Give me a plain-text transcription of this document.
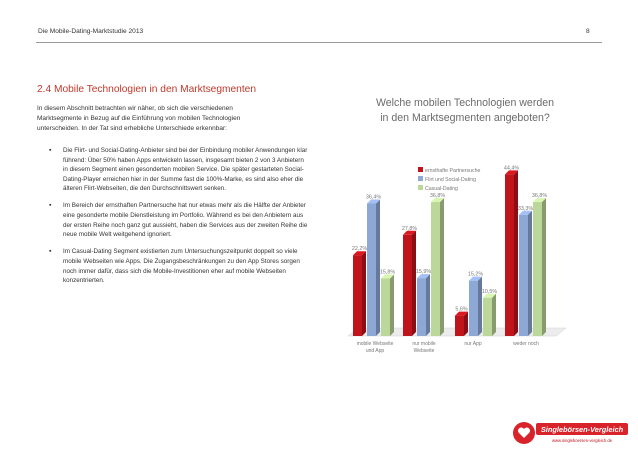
Die Mobile-Dating-Marktstudie 2013	8
2.4 Mobile Technologien in den Marktsegmenten
In diesem Abschnitt betrachten wir näher, ob sich die verschiedenen Marktsegmente in Bezug auf die Einführung von mobilen Technologien unterscheiden. In der Tat sind erhebliche Unterschiede erkennbar:
▪ Die Flirt- und Social-Dating-Anbieter sind bei der Einbindung mobiler Anwendungen klar führend: Über 50% haben Apps entwickeln lassen, insgesamt bieten 2 von 3 Anbietern in diesem Segment einen gesonderten mobilen Service. Die später gestarteten Social-Dating-Player erreichen hier in der Summe fast die 100%-Marke, es sind also eher die älteren Flirt-Webseiten, die den Durchschnittswert senken.
▪ Im Bereich der ernsthaften Partnersuche hat nur etwas mehr als die Hälfte der Anbieter eine gesonderte mobile Dienstleistung im Portfolio. Während es bei den Anbietern aus der ersten Reihe noch ganz gut aussieht, haben die Services aus der zweiten Reihe die neue mobile Welt weitgehend ignoriert.
▪ Im Casual-Dating Segment existierten zum Untersuchungszeitpunkt doppelt so viele mobile Webseiten wie Apps. Die Zugangsbeschränkungen zu den App Stores sorgen noch immer dafür, dass sich die Mobile-Investitionen eher auf mobile Webseiten konzentrierten.
Welche mobilen Technologien werden
in den Marktsegmenten angeboten?
22,2%
27,8%
5,6%
44,4%
36,4%
15,9%	15,2%
33,3%
15,8%
36,8%
10,5%
36,8%
mobile Webseite
und App
nur mobile
Webseite
nur App	weder noch
ernsthafte Partnersuche
Flirt und Social-Dating
Casual-Dating
Singlebörsen-Vergleich
www.singleboersen-vergleich.de
